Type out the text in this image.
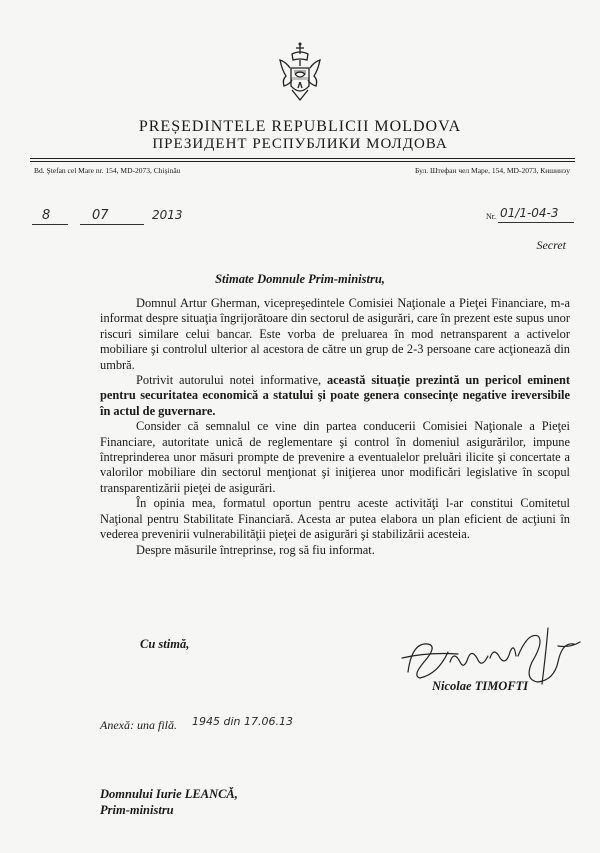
PREȘEDINTELE REPUBLICII MOLDOVA
ПРЕЗИДЕНТ РЕСПУБЛИКИ МОЛДОВА
Bd. Ştefan cel Mare nr. 154, MD-2073, Chişinău	Бул. Штефан чел Маре, 154, MD-2073, Кишинэу
8	07	2013	Nr. 01/1-04-3
Secret
Stimate Domnule Prim-ministru,

Domnul Artur Gherman, vicepreşedintele Comisiei Naţionale a Pieţei Financiare, m-a informat despre situaţia îngrijorătoare din sectorul de asigurări, care în prezent este supus unor riscuri similare celui bancar. Este vorba de preluarea în mod netransparent a activelor mobiliare şi controlul ulterior al acestora de către un grup de 2-3 persoane care acţionează din umbră.

Potrivit autorului notei informative, această situaţie prezintă un pericol eminent pentru securitatea economică a statului şi poate genera consecinţe negative ireversibile în actul de guvernare.

Consider că semnalul ce vine din partea conducerii Comisiei Naţionale a Pieţei Financiare, autoritate unică de reglementare şi control în domeniul asigurărilor, impune întreprinderea unor măsuri prompte de prevenire a eventualelor preluări ilicite şi concertate a valorilor mobiliare din sectorul menţionat şi iniţierea unor modificări legislative în scopul transparentizării pieţei de asigurări.

În opinia mea, formatul oportun pentru aceste activităţi l-ar constitui Comitetul Naţional pentru Stabilitate Financiară. Acesta ar putea elabora un plan eficient de acţiuni în vederea prevenirii vulnerabilităţii pieţei de asigurări şi stabilizării acesteia.

Despre măsurile întreprinse, rog să fiu informat.

Cu stimă,
Nicolae TIMOFTI
Anexă: una filă. 1945 din 17.06.13
Domnului Iurie LEANCĂ,
Prim-ministru
